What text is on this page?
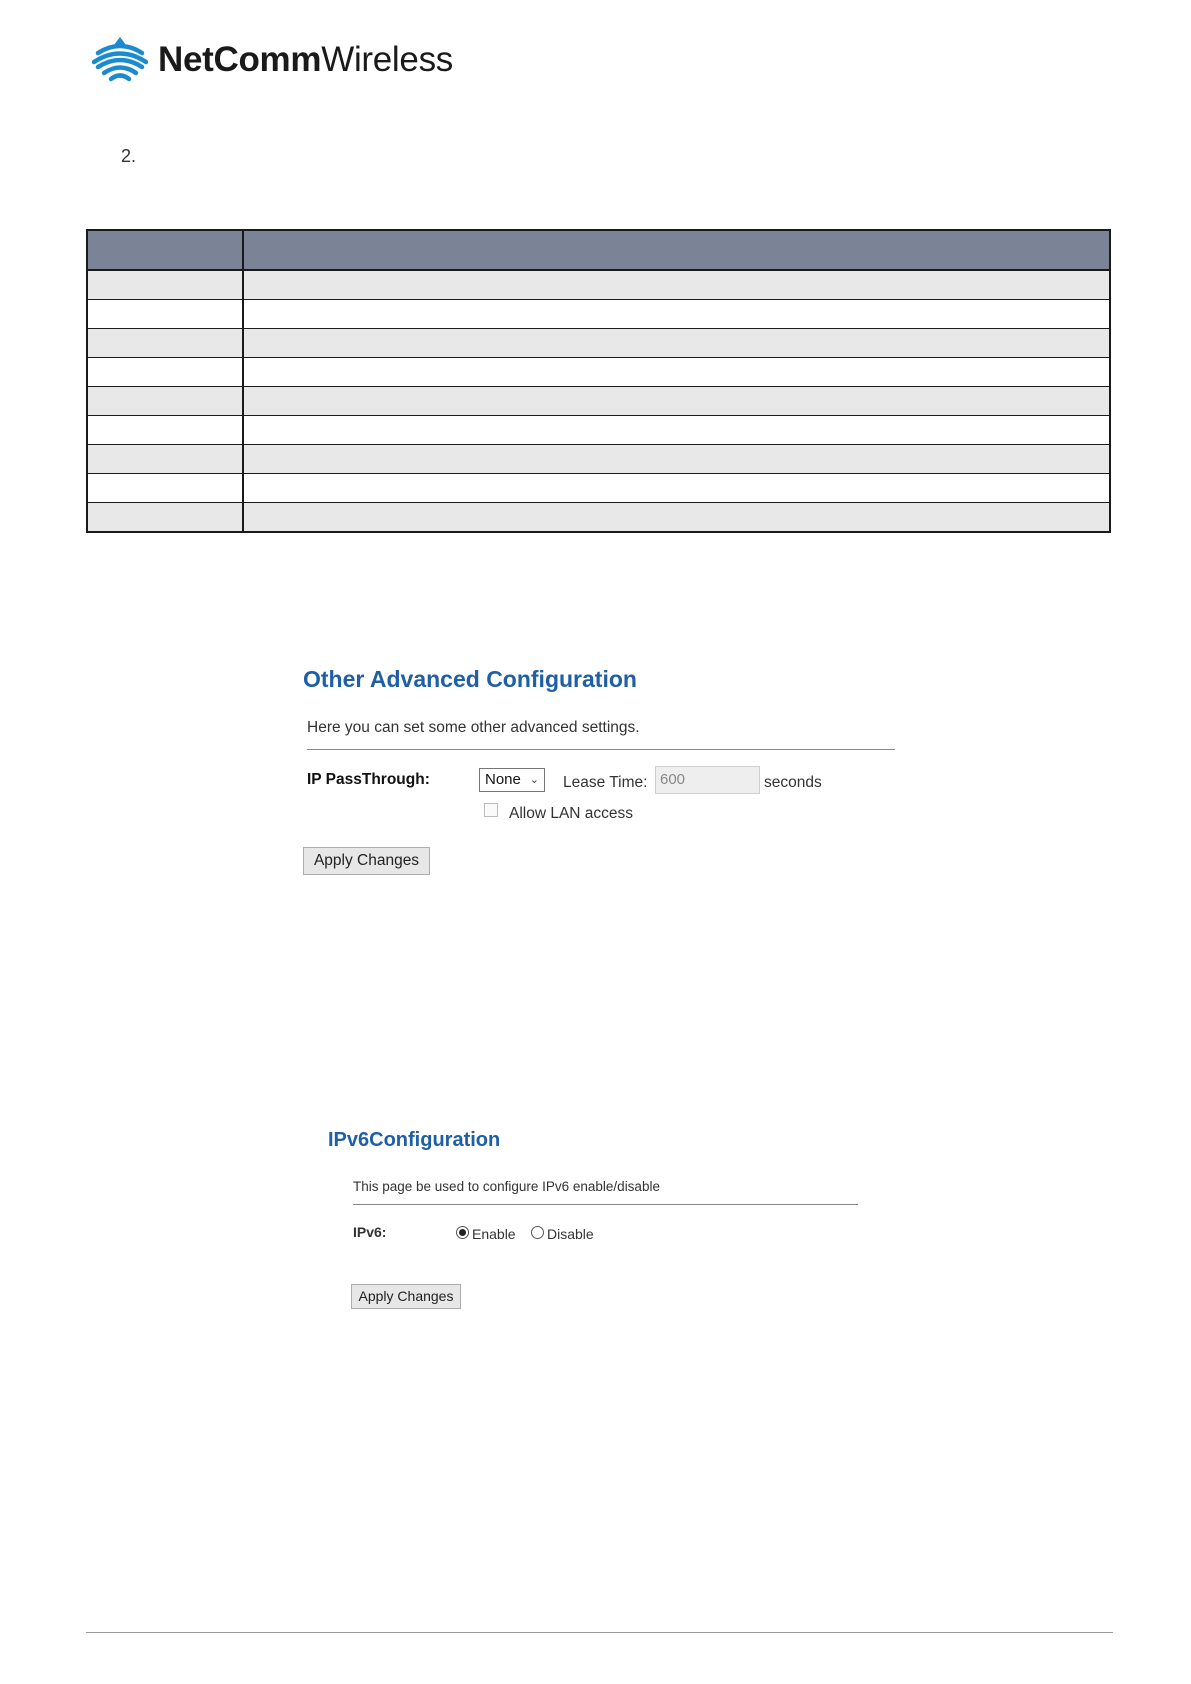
NetCommWireless
2.

Other Advanced Configuration
Here you can set some other advanced settings.
IP PassThrough:	None ⌄ Lease Time: 600	seconds
Allow LAN access
Apply Changes
IPv6Configuration
This page be used to configure IPv6 enable/disable
IPv6:	Enable Disable
Apply Changes
